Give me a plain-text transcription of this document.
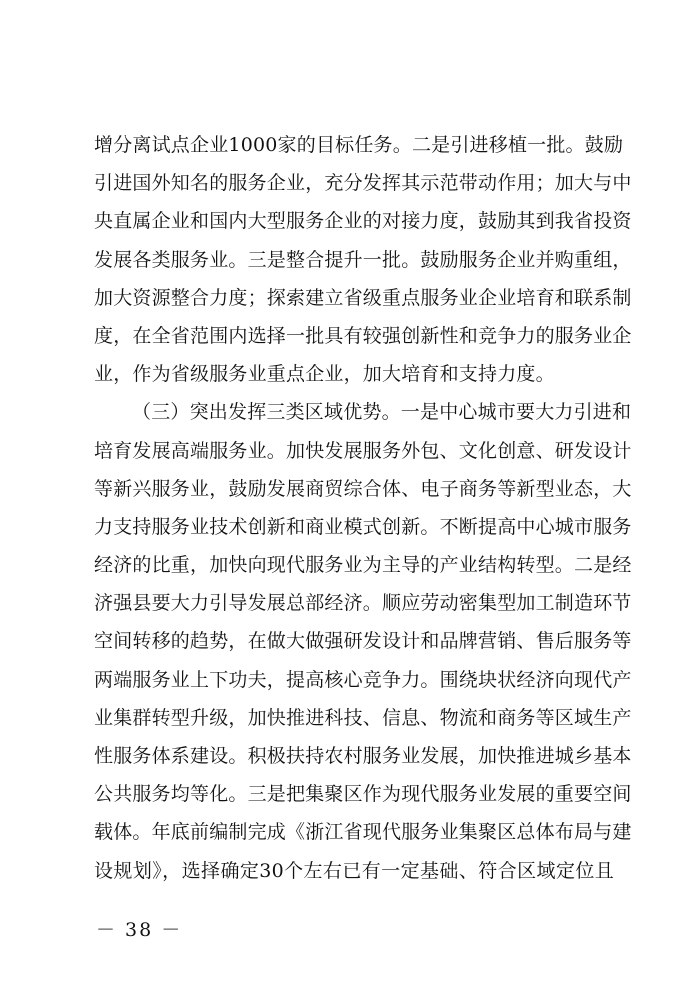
增分离试点企业1000家的目标任务。二是引进移植一批。鼓励
引进国外知名的服务企业，充分发挥其示范带动作用；加大与中
央直属企业和国内大型服务企业的对接力度，鼓励其到我省投资
发展各类服务业。三是整合提升一批。鼓励服务企业并购重组，
加大资源整合力度；探索建立省级重点服务业企业培育和联系制
度，在全省范围内选择一批具有较强创新性和竞争力的服务业企
业，作为省级服务业重点企业，加大培育和支持力度。
（三）突出发挥三类区域优势。一是中心城市要大力引进和
培育发展高端服务业。加快发展服务外包、文化创意、研发设计
等新兴服务业，鼓励发展商贸综合体、电子商务等新型业态，大
力支持服务业技术创新和商业模式创新。不断提高中心城市服务
经济的比重，加快向现代服务业为主导的产业结构转型。二是经
济强县要大力引导发展总部经济。顺应劳动密集型加工制造环节
空间转移的趋势，在做大做强研发设计和品牌营销、售后服务等
两端服务业上下功夫，提高核心竞争力。围绕块状经济向现代产
业集群转型升级，加快推进科技、信息、物流和商务等区域生产
性服务体系建设。积极扶持农村服务业发展，加快推进城乡基本
公共服务均等化。三是把集聚区作为现代服务业发展的重要空间
载体。年底前编制完成《浙江省现代服务业集聚区总体布局与建
设规划》，选择确定30个左右已有一定基础、符合区域定位且
－ 38 －
